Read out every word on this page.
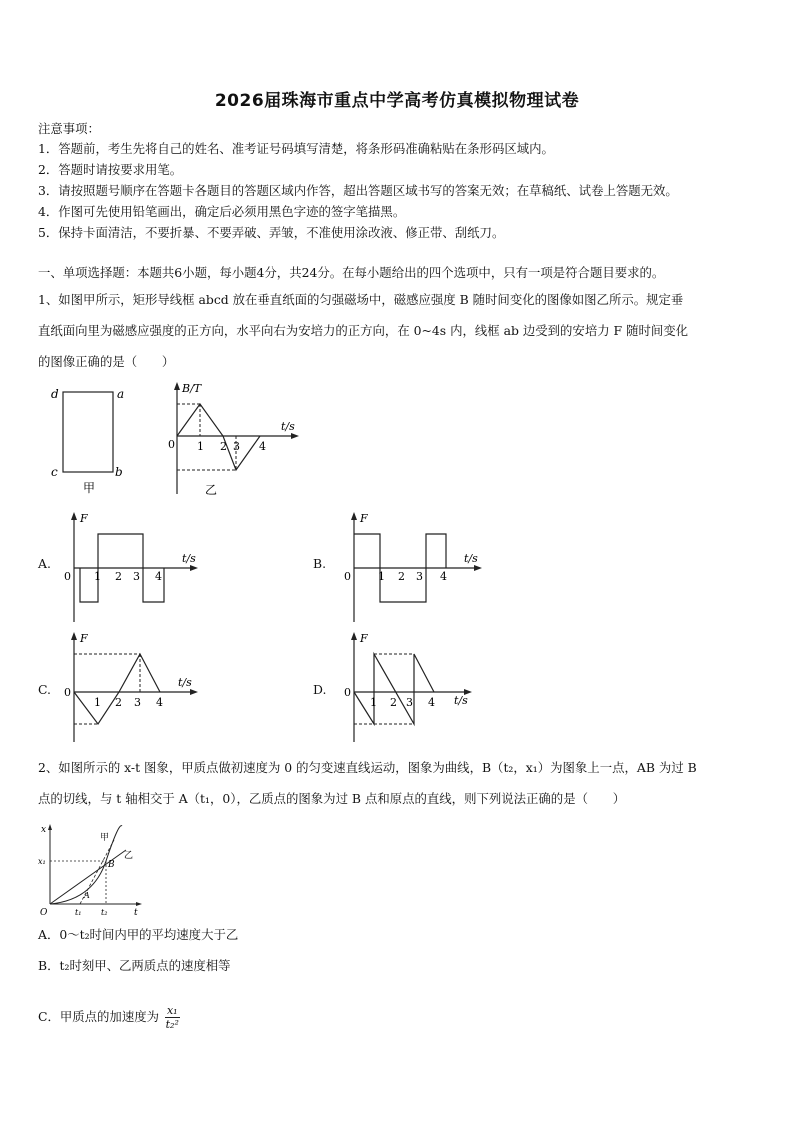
2026届珠海市重点中学高考仿真模拟物理试卷
注意事项：
1．答题前，考生先将自己的姓名、准考证号码填写清楚，将条形码准确粘贴在条形码区域内。
2．答题时请按要求用笔。
3．请按照题号顺序在答题卡各题目的答题区域内作答，超出答题区域书写的答案无效；在草稿纸、试卷上答题无效。
4．作图可先使用铅笔画出，确定后必须用黑色字迹的签字笔描黑。
5．保持卡面清洁，不要折暴、不要弄破、弄皱，不准使用涂改液、修正带、刮纸刀。
一、单项选择题：本题共6小题，每小题4分，共24分。在每小题给出的四个选项中，只有一项是符合题目要求的。
1、如图甲所示，矩形导线框 abcd 放在垂直纸面的匀强磁场中，磁感应强度 B 随时间变化的图像如图乙所示。规定垂
直纸面向里为磁感应强度的正方向，水平向右为安培力的正方向，在 0~4s 内，线框 ab 边受到的安培力 F 随时间变化
的图像正确的是（　　）
d	a
c	b
甲
B/T
t/s
0 1 2 3 4
乙
A.
F
t/s
0 1 2 3 4
B.
F
t/s
0 1 2 3 4
C.
F
t/s
0
1 2 3 4
D.
F
t/s
0
1 2 3 4
2、如图所示的 x-t 图象，甲质点做初速度为 0 的匀变速直线运动，图象为曲线，B（t₂，x₁）为图象上一点，AB 为过 B
点的切线，与 t 轴相交于 A（t₁，0），乙质点的图象为过 B 点和原点的直线，则下列说法正确的是（　　）
x
t
O
x₁
甲
乙
B
A
t₁ t₂
A．0～t₂时间内甲的平均速度大于乙
B．t₂时刻甲、乙两质点的速度相等
C．甲质点的加速度为 $\frac{\text{x₁}}{\text{t₂²}}$
